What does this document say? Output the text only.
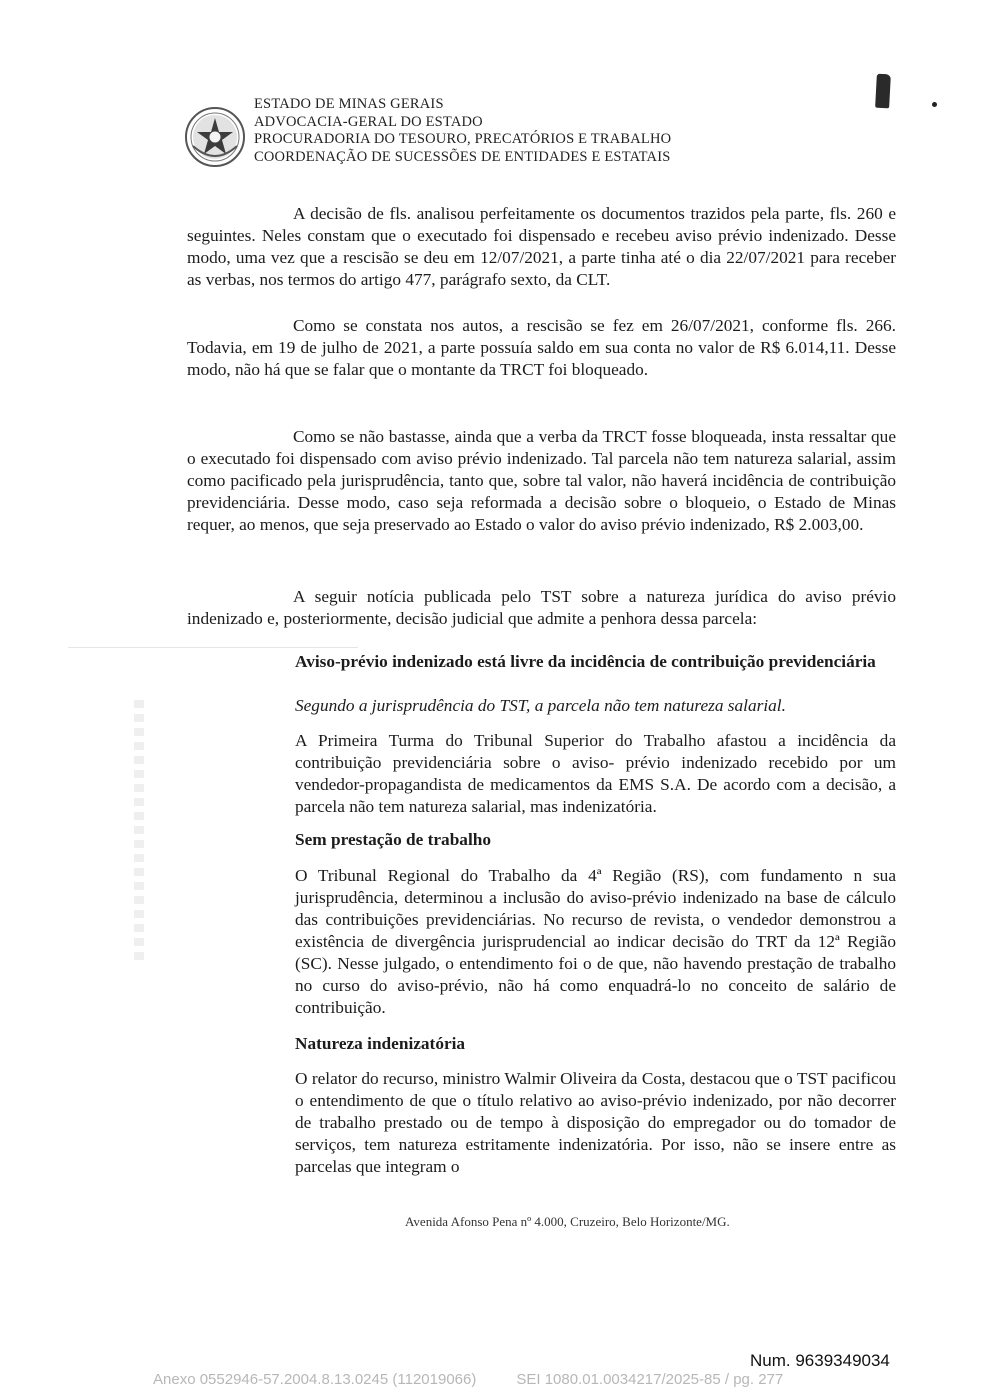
ESTADO DE MINAS GERAIS
ADVOCACIA-GERAL DO ESTADO
PROCURADORIA DO TESOURO, PRECATÓRIOS E TRABALHO
COORDENAÇÃO DE SUCESSÕES DE ENTIDADES E ESTATAIS

A decisão de fls. analisou perfeitamente os documentos trazidos pela parte, fls. 260 e seguintes. Neles constam que o executado foi dispensado e recebeu aviso prévio indenizado. Desse modo, uma vez que a rescisão se deu em 12/07/2021, a parte tinha até o dia 22/07/2021 para receber as verbas, nos termos do artigo 477, parágrafo sexto, da CLT.

Como se constata nos autos, a rescisão se fez em 26/07/2021, conforme fls. 266. Todavia, em 19 de julho de 2021, a parte possuía saldo em sua conta no valor de R$ 6.014,11. Desse modo, não há que se falar que o montante da TRCT foi bloqueado.

Como se não bastasse, ainda que a verba da TRCT fosse bloqueada, insta ressaltar que o executado foi dispensado com aviso prévio indenizado. Tal parcela não tem natureza salarial, assim como pacificado pela jurisprudência, tanto que, sobre tal valor, não haverá incidência de contribuição previdenciária. Desse modo, caso seja reformada a decisão sobre o bloqueio, o Estado de Minas requer, ao menos, que seja preservado ao Estado o valor do aviso prévio indenizado, R$ 2.003,00.

A seguir notícia publicada pelo TST sobre a natureza jurídica do aviso prévio indenizado e, posteriormente, decisão judicial que admite a penhora dessa parcela:

Aviso-prévio indenizado está livre da incidência de contribuição previdenciária

Segundo a jurisprudência do TST, a parcela não tem natureza salarial.

A Primeira Turma do Tribunal Superior do Trabalho afastou a incidência da contribuição previdenciária sobre o aviso- prévio indenizado recebido por um vendedor-propagandista de medicamentos da EMS S.A. De acordo com a decisão, a parcela não tem natureza salarial, mas indenizatória.

Sem prestação de trabalho

O Tribunal Regional do Trabalho da 4ª Região (RS), com fundamento n sua jurisprudência, determinou a inclusão do aviso-prévio indenizado na base de cálculo das contribuições previdenciárias. No recurso de revista, o vendedor demonstrou a existência de divergência jurisprudencial ao indicar decisão do TRT da 12ª Região (SC). Nesse julgado, o entendimento foi o de que, não havendo prestação de trabalho no curso do aviso-prévio, não há como enquadrá-lo no conceito de salário de contribuição.

Natureza indenizatória

O relator do recurso, ministro Walmir Oliveira da Costa, destacou que o TST pacificou o entendimento de que o título relativo ao aviso-prévio indenizado, por não decorrer de trabalho prestado ou de tempo à disposição do empregador ou do tomador de serviços, tem natureza estritamente indenizatória. Por isso, não se insere entre as parcelas que integram o

Avenida Afonso Pena nº 4.000, Cruzeiro, Belo Horizonte/MG.
Num. 9639349034
Anexo 0552946-57.2004.8.13.0245 (112019066)	SEI 1080.01.0034217/2025-85 / pg. 277
